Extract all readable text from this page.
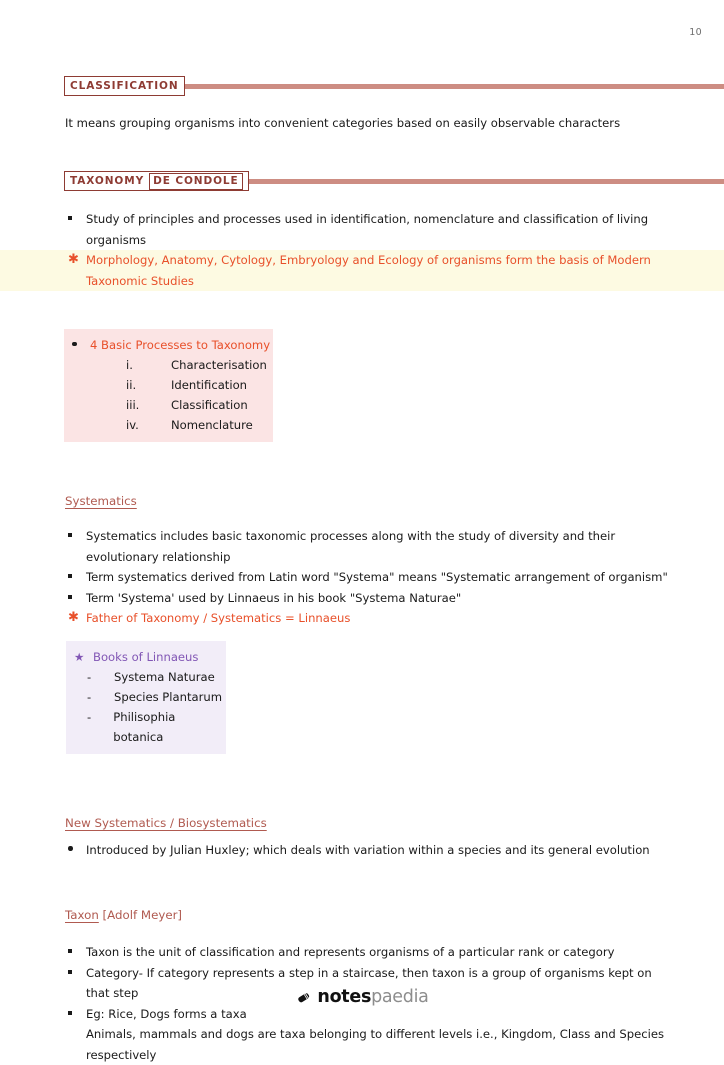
10
CLASSIFICATION

It means grouping organisms into convenient categories based on easily observable characters

TAXONOMY DE CONDOLE
Study of principles and processes used in identification, nomenclature and classification of living organisms
✱ Morphology, Anatomy, Cytology, Embryology and Ecology of organisms form the basis of Modern Taxonomic Studies
4 Basic Processes to Taxonomy
i.	Characterisation
ii.	Identification
iii.	Classification
iv.	Nomenclature
Systematics
Systematics includes basic taxonomic processes along with the study of diversity and their evolutionary relationship
Term systematics derived from Latin word "Systema" means "Systematic arrangement of organism"
Term 'Systema' used by Linnaeus in his book "Systema Naturae"
✱ Father of Taxonomy / Systematics = Linnaeus
★ Books of Linnaeus
-	Systema Naturae
-	Species Plantarum
-	Philisophia botanica
New Systematics / Biosystematics
Introduced by Julian Huxley; which deals with variation within a species and its general evolution
Taxon [Adolf Meyer]
Taxon is the unit of classification and represents organisms of a particular rank or category
Category- If category represents a step in a staircase, then taxon is a group of organisms kept on that step
Eg: Rice, Dogs forms a taxa
Animals, mammals and dogs are taxa belonging to different levels i.e., Kingdom, Class and Species respectively
notespaedia
